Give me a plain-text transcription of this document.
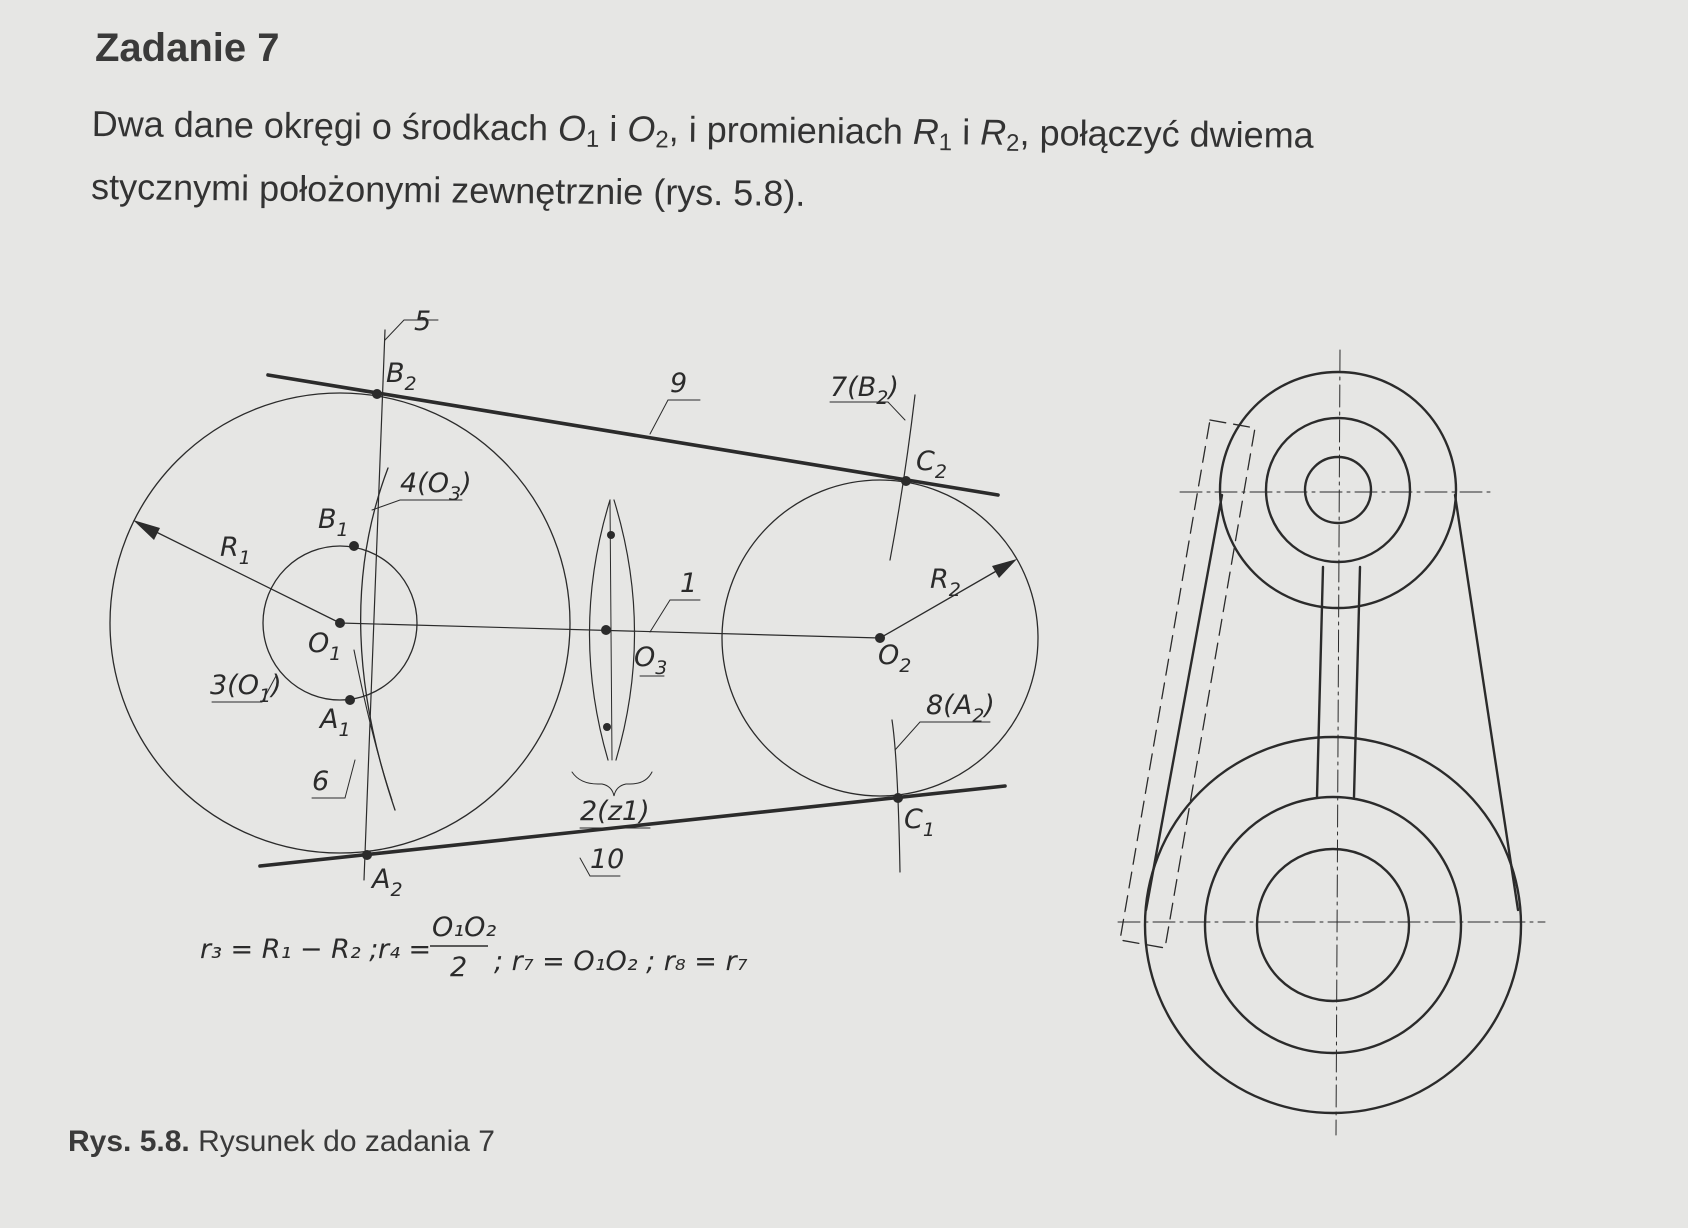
Zadanie 7
Dwa dane okręgi o środkach $O_1$ i $O_2$, i promieniach $R_1$ i $R_2$, połączyć dwiema
stycznymi położonymi zewnętrznie (rys. 5.8).
5
$B_2$	9	$7(B_2)$
$C_2$
$4(O_3)$
$B_1$
$R_1$
$R_2$
1
$O_1$	$O_3$	$O_2$
$3(O_1)$
$8(A_2)$
$A_1$
6
2(z1)	$C_1$
10
$A_2$
r₃ = R₁ − R₂ ; r₄ =
O₁O₂
2 ; r₇ = O₁O₂ ; r₈ = r₇
Rys. 5.8. Rysunek do zadania 7
